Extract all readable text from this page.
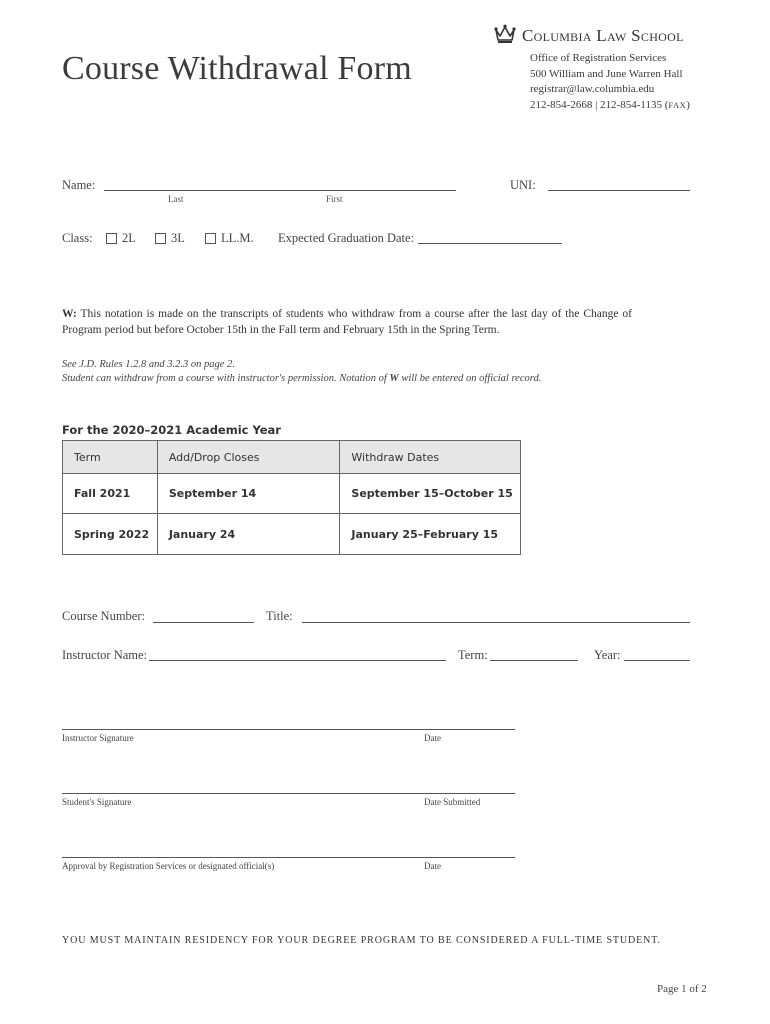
Course Withdrawal Form
Columbia Law School
Office of Registration Services
500 William and June Warren Hall
registrar@law.columbia.edu
212-854-2668 | 212-854-1135 (FAX)
Name:
Last	First
UNI:
Class: 2L	3L	LL.M. Expected Graduation Date:
W: This notation is made on the transcripts of students who withdraw from a course after the last day of the Change of Program period but before October 15th in the Fall term and February 15th in the Spring Term.
See J.D. Rules 1.2.8 and 3.2.3 on page 2.
Student can withdraw from a course with instructor's permission. Notation of W will be entered on official record.
For the 2020–2021 Academic Year
Term	Add/Drop Closes	Withdraw Dates
Fall 2021	September 14	September 15–October 15
Spring 2022	January 24	January 25–February 15
Course Number:	Title:
Instructor Name:	Term:	Year:
Instructor Signature	Date
Student's Signature	Date Submitted
Approval by Registration Services or designated official(s)	Date
YOU MUST MAINTAIN RESIDENCY FOR YOUR DEGREE PROGRAM TO BE CONSIDERED A FULL-TIME STUDENT.
Page 1 of 2
